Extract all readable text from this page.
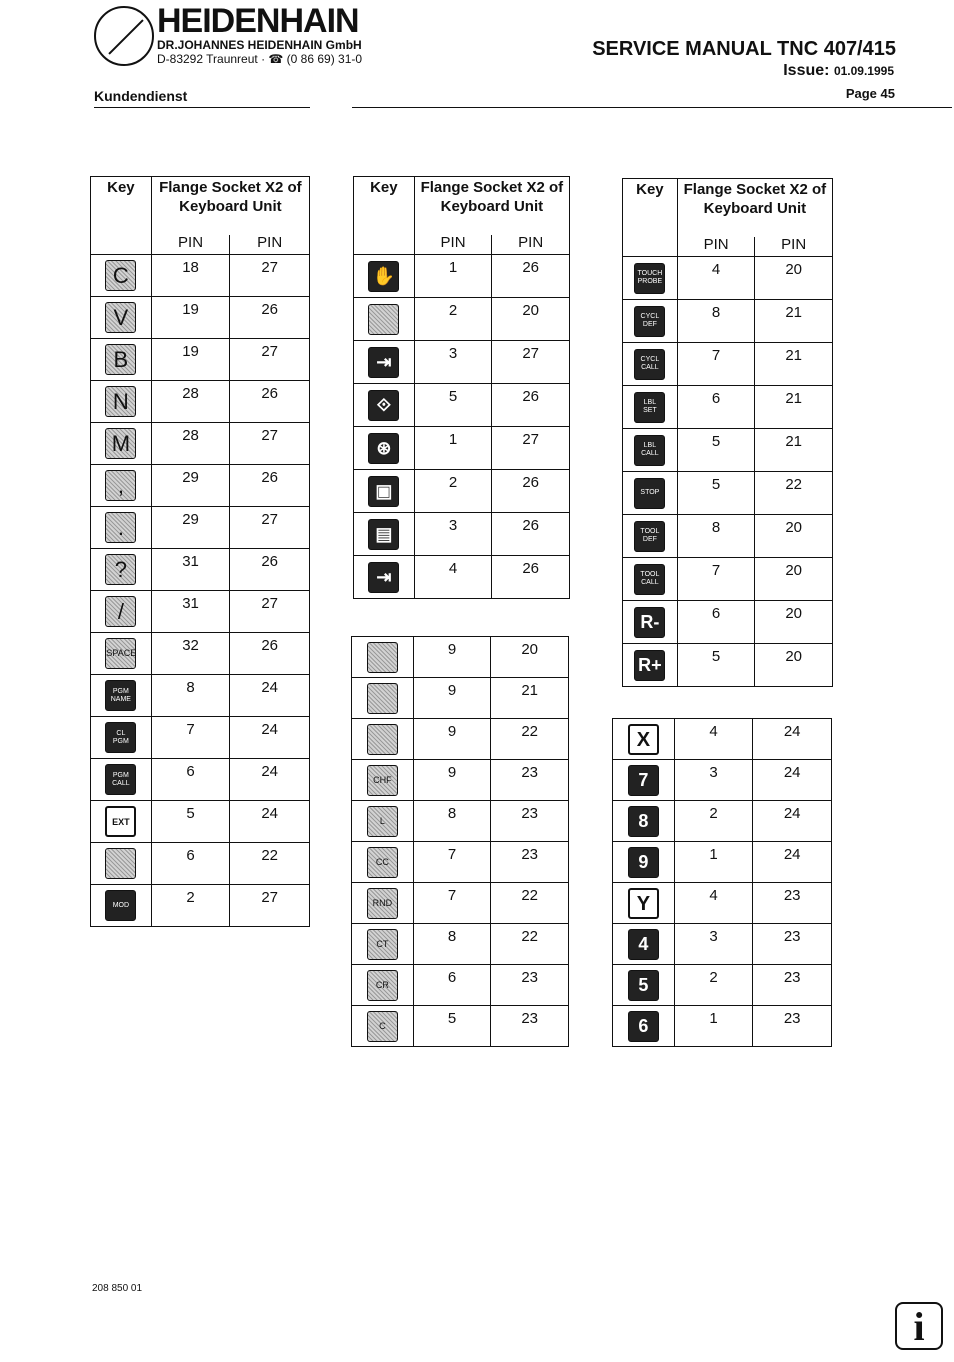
HEIDENHAIN
DR.JOHANNES HEIDENHAIN GmbH
D-83292 Traunreut · ☎ (0 86 69) 31-0
Kundendienst
SERVICE MANUAL TNC 407/415
Issue: 01.09.1995
Page 45
Key	Flange Socket X2 of Keyboard Unit	
	PIN	PIN
C	18	27
V	19	26
B	19	27
N	28	26
M	28	27
,	29	26
.	29	27
?	31	26
/	31	27
SPACE	32	26

PGM
NAME	8	24

CL
PGM	7	24

PGM
CALL	6	24
EXT	5	24
	6	22
MOD	2	27
Key	Flange Socket X2 of Keyboard Unit	
	PIN	PIN
✋	1	26
	2	20
⇥	3	27
⟐	5	26
⊛	1	27
▣	2	26
▤	3	26
⇥	4	26
	9	20
	9	21
	9	22
CHF	9	23
L	8	23
CC	7	23
RND	7	22
CT	8	22
CR	6	23
C	5	23
Key	Flange Socket X2 of Keyboard Unit	
	PIN	PIN

TOUCH
PROBE	4	20

CYCL
DEF	8	21

CYCL
CALL	7	21

LBL
SET	6	21

LBL
CALL	5	21
STOP	5	22

TOOL
DEF	8	20

TOOL
CALL	7	20
R-	6	20
R+	5	20
X	4	24
7	3	24
8	2	24
9	1	24
Y	4	23
4	3	23
5	2	23
6	1	23
208 850 01
i
